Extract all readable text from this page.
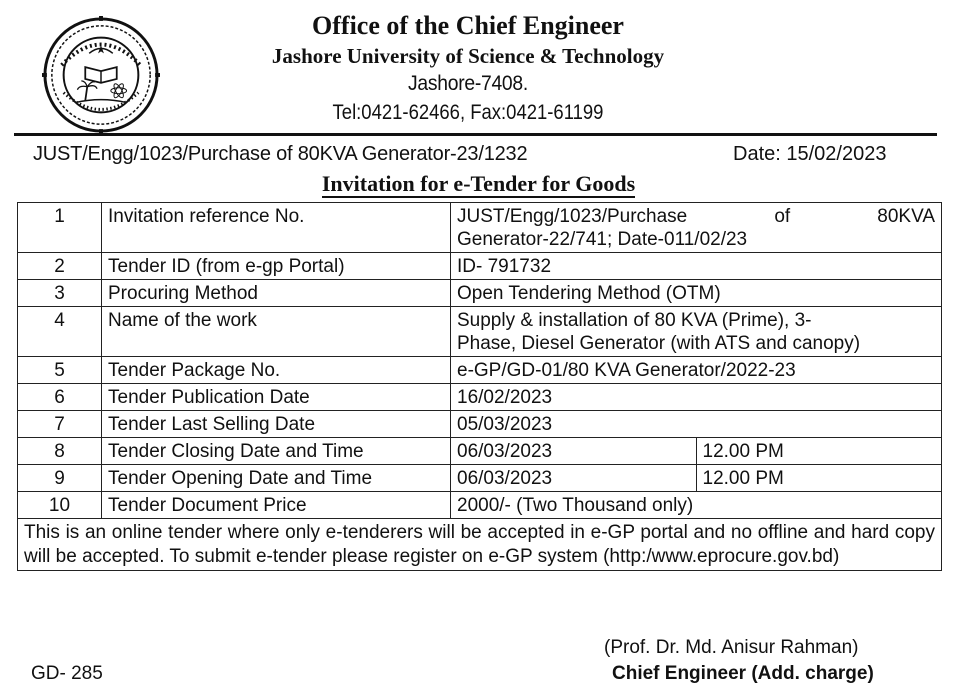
Office of the Chief Engineer
Jashore University of Science & Technology
Jashore-7408.
Tel:0421-62466, Fax:0421-61199
JUST/Engg/1023/Purchase of 80KVA Generator-23/1232	Date: 15/02/2023
Invitation for e-Tender for Goods
1	Invitation reference No.	JUST/Engg/1023/Purchase of 80KVA
Generator-22/741; Date-011/02/23	

2	Tender ID (from e-gp Portal)	ID- 791732	
3	Procuring Method	Open Tendering Method (OTM)	
4	Name of the work	Supply & installation of 80 KVA (Prime), 3-
Phase, Diesel Generator (with ATS and canopy)	

5	Tender Package No.	e-GP/GD-01/80 KVA Generator/2022-23	
6	Tender Publication Date	16/02/2023	
7	Tender Last Selling Date	05/03/2023	
8	Tender Closing Date and Time	06/03/2023	12.00 PM
9	Tender Opening Date and Time	06/03/2023	12.00 PM
10	Tender Document Price	2000/- (Two Thousand only)	
This is an online tender where only e-tenderers will be accepted in e-GP portal and no offline and hard copy will be accepted. To submit e-tender please register on e-GP system (http:/www.eprocure.gov.bd)			
(Prof. Dr. Md. Anisur Rahman)
Chief Engineer (Add. charge)
GD- 285
